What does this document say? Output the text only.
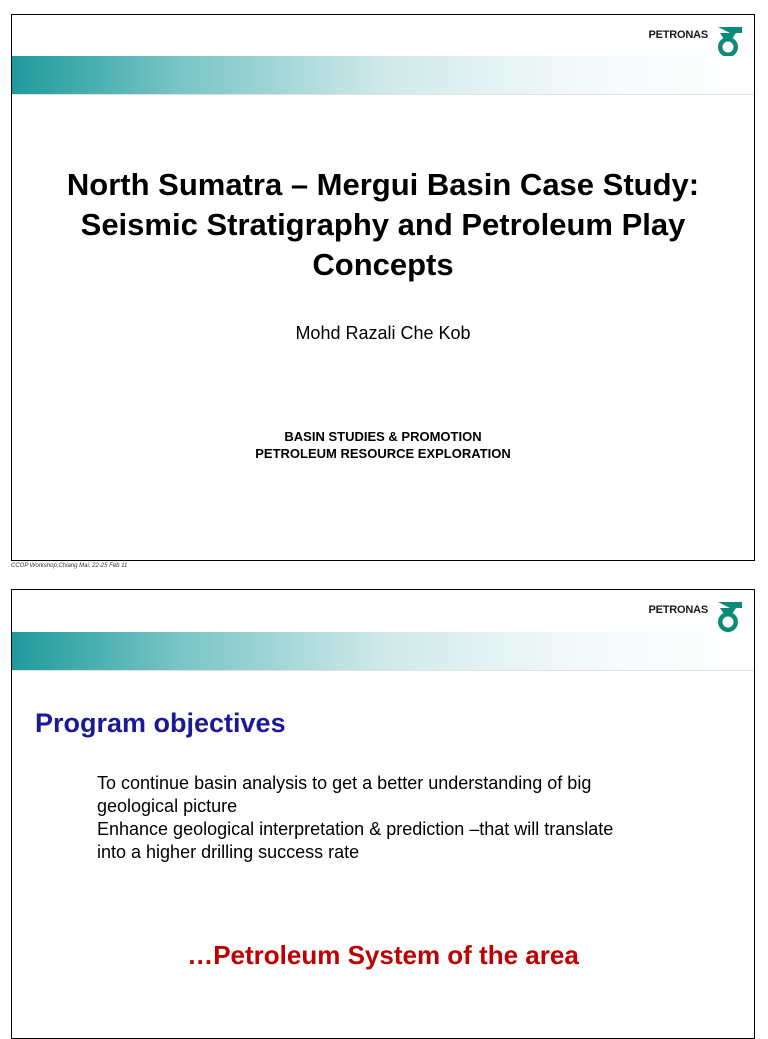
PETRONAS
North Sumatra – Mergui Basin Case Study:
Seismic Stratigraphy and Petroleum Play
Concepts
Mohd Razali Che Kob
BASIN STUDIES & PROMOTION
PETROLEUM RESOURCE EXPLORATION
CCOP Workshop,Chiang Mai, 22-25 Feb 11
PETRONAS
Program objectives
To continue basin analysis to get a better understanding of big
geological picture
Enhance geological interpretation & prediction –that will translate
into a higher drilling success rate
…Petroleum System of the area
